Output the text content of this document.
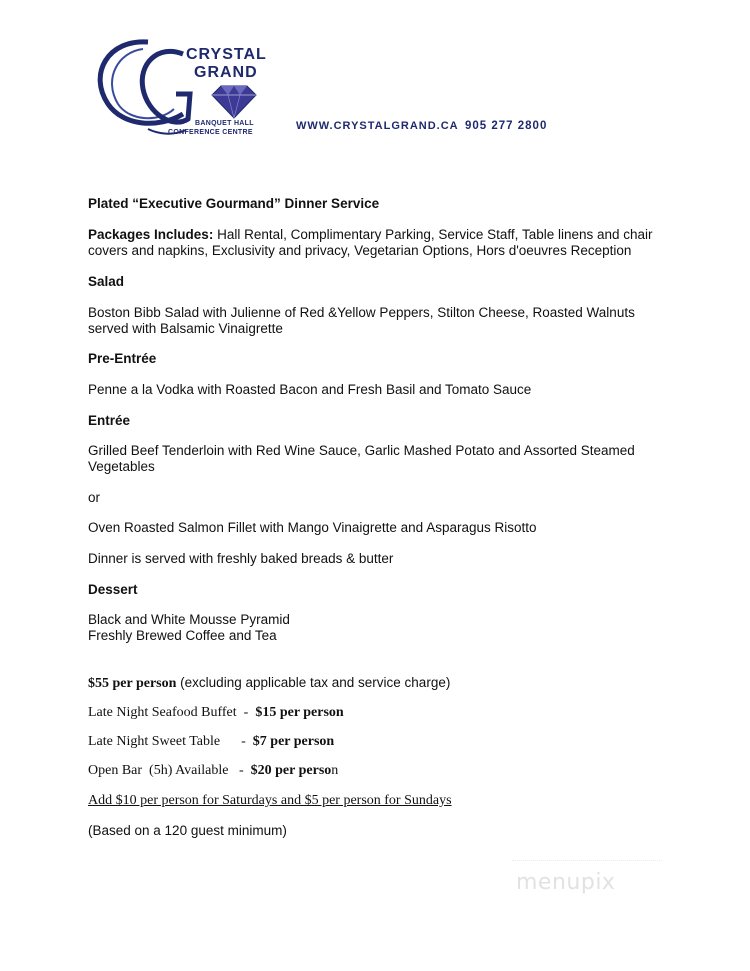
CRYSTAL
GRAND
BANQUET HALL
CONFERENCE CENTRE
WWW.CRYSTALGRAND.CA 905 277 2800
Plated “Executive Gourmand” Dinner Service
Packages Includes: Hall Rental, Complimentary Parking, Service Staff, Table linens and chair
covers and napkins, Exclusivity and privacy, Vegetarian Options, Hors d'oeuvres Reception
Salad
Boston Bibb Salad with Julienne of Red &Yellow Peppers, Stilton Cheese, Roasted Walnuts
served with Balsamic Vinaigrette
Pre-Entrée
Penne a la Vodka with Roasted Bacon and Fresh Basil and Tomato Sauce
Entrée
Grilled Beef Tenderloin with Red Wine Sauce, Garlic Mashed Potato and Assorted Steamed
Vegetables
or
Oven Roasted Salmon Fillet with Mango Vinaigrette and Asparagus Risotto
Dinner is served with freshly baked breads & butter
Dessert
Black and White Mousse Pyramid
Freshly Brewed Coffee and Tea
$55 per person (excluding applicable tax and service charge)
Late Night Seafood Buffet  -  $15 per person
Late Night Sweet Table      -  $7 per person
Open Bar  (5h) Available   -  $20 per person
Add $10 per person for Saturdays and $5 per person for Sundays
(Based on a 120 guest minimum)
menupix
